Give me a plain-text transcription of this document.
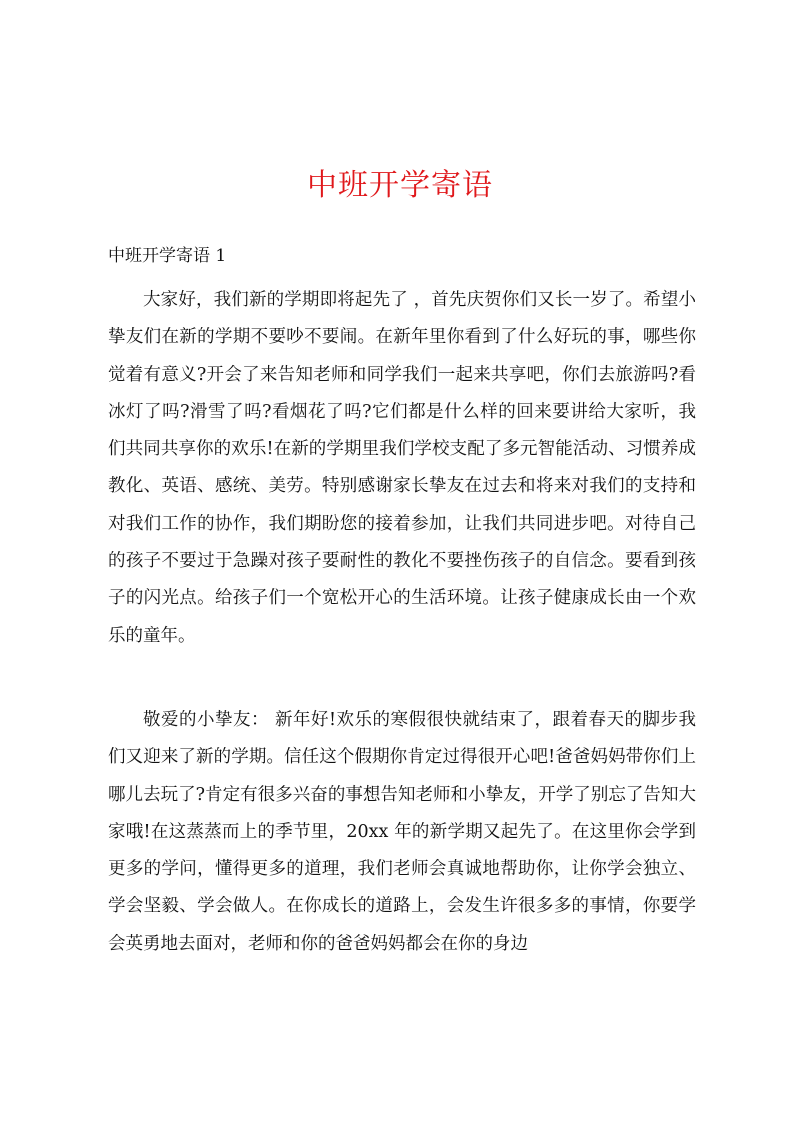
中班开学寄语
中班开学寄语 1

大家好，我们新的学期即将起先了 ，首先庆贺你们又长一岁了。希望小挚友们在新的学期不要吵不要闹。在新年里你看到了什么好玩的事，哪些你觉着有意义?开会了来告知老师和同学我们一起来共享吧，你们去旅游吗?看冰灯了吗?滑雪了吗?看烟花了吗?它们都是什么样的回来要讲给大家听，我们共同共享你的欢乐!在新的学期里我们学校支配了多元智能活动、习惯养成教化、英语、感统、美劳。特别感谢家长挚友在过去和将来对我们的支持和对我们工作的协作，我们期盼您的接着参加，让我们共同进步吧。对待自己的孩子不要过于急躁对孩子要耐性的教化不要挫伤孩子的自信念。要看到孩子的闪光点。给孩子们一个宽松开心的生活环境。让孩子健康成长由一个欢乐的童年。

敬爱的小挚友： 新年好!欢乐的寒假很快就结束了，跟着春天的脚步我们又迎来了新的学期。信任这个假期你肯定过得很开心吧!爸爸妈妈带你们上哪儿去玩了?肯定有很多兴奋的事想告知老师和小挚友，开学了别忘了告知大家哦!在这蒸蒸而上的季节里，20xx 年的新学期又起先了。在这里你会学到更多的学问，懂得更多的道理，我们老师会真诚地帮助你，让你学会独立、学会坚毅、学会做人。在你成长的道路上，会发生许很多多的事情，你要学会英勇地去面对，老师和你的爸爸妈妈都会在你的身边
